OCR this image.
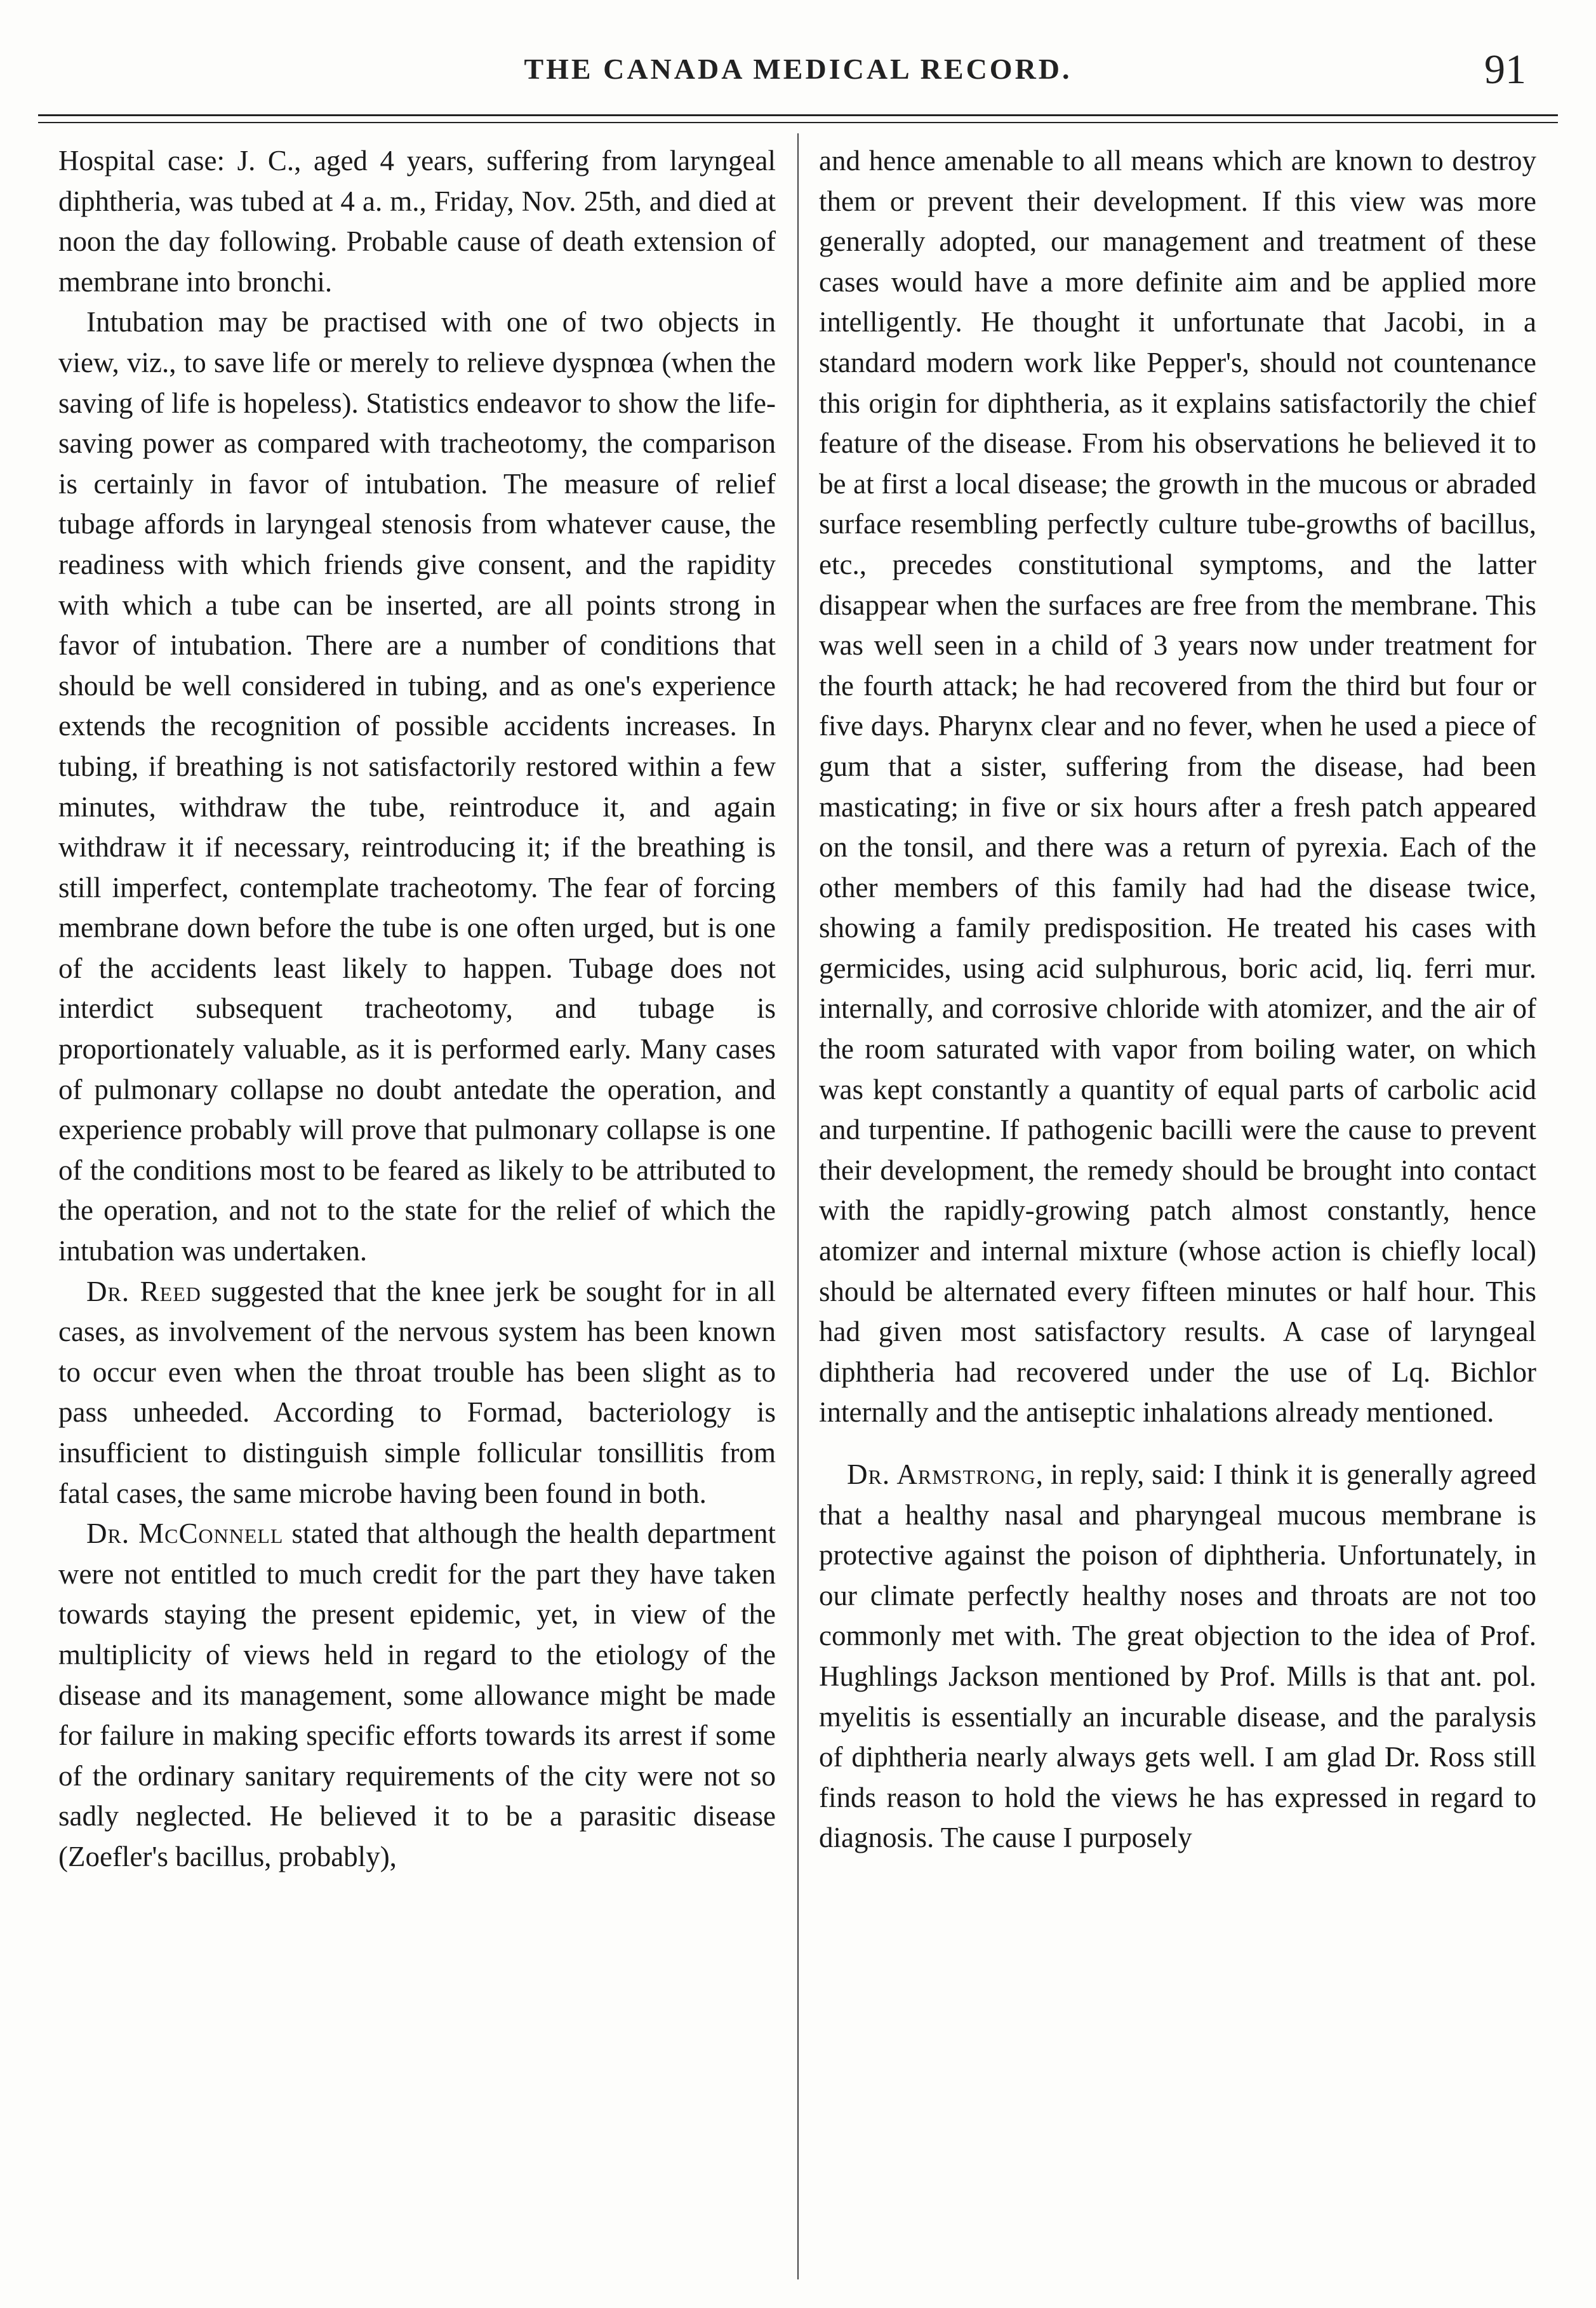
THE CANADA MEDICAL RECORD.	91

Hospital case: J. C., aged 4 years, suffering from laryngeal diphtheria, was tubed at 4 a. m., Friday, Nov. 25th, and died at noon the day following. Probable cause of death extension of membrane into bronchi.

Intubation may be practised with one of two objects in view, viz., to save life or merely to relieve dyspnœa (when the saving of life is hopeless). Statistics endeavor to show the life-saving power as compared with tracheotomy, the comparison is certainly in favor of intubation. The measure of relief tubage affords in laryngeal stenosis from whatever cause, the readiness with which friends give consent, and the rapidity with which a tube can be inserted, are all points strong in favor of intubation. There are a number of conditions that should be well considered in tubing, and as one's experience extends the recognition of possible accidents increases. In tubing, if breathing is not satisfactorily restored within a few minutes, withdraw the tube, reintroduce it, and again withdraw it if necessary, reintroducing it; if the breathing is still imperfect, contemplate tracheotomy. The fear of forcing membrane down before the tube is one often urged, but is one of the accidents least likely to happen. Tubage does not interdict subsequent tracheotomy, and tubage is proportionately valuable, as it is performed early. Many cases of pulmonary collapse no doubt antedate the operation, and experience probably will prove that pulmonary collapse is one of the conditions most to be feared as likely to be attributed to the operation, and not to the state for the relief of which the intubation was undertaken.

Dr. Reed suggested that the knee jerk be sought for in all cases, as involvement of the nervous system has been known to occur even when the throat trouble has been slight as to pass unheeded. According to Formad, bacteriology is insufficient to distinguish simple follicular tonsillitis from fatal cases, the same microbe having been found in both.

Dr. McConnell stated that although the health department were not entitled to much credit for the part they have taken towards staying the present epidemic, yet, in view of the multiplicity of views held in regard to the etiology of the disease and its management, some allowance might be made for failure in making specific efforts towards its arrest if some of the ordinary sanitary requirements of the city were not so sadly neglected. He believed it to be a parasitic disease (Zoefler's bacillus, probably),

and hence amenable to all means which are known to destroy them or prevent their development. If this view was more generally adopted, our management and treatment of these cases would have a more definite aim and be applied more intelligently. He thought it unfortunate that Jacobi, in a standard modern work like Pepper's, should not countenance this origin for diphtheria, as it explains satisfactorily the chief feature of the disease. From his observations he believed it to be at first a local disease; the growth in the mucous or abraded surface resembling perfectly culture tube-growths of bacillus, etc., precedes constitutional symptoms, and the latter disappear when the surfaces are free from the membrane. This was well seen in a child of 3 years now under treatment for the fourth attack; he had recovered from the third but four or five days. Pharynx clear and no fever, when he used a piece of gum that a sister, suffering from the disease, had been masticating; in five or six hours after a fresh patch appeared on the tonsil, and there was a return of pyrexia. Each of the other members of this family had had the disease twice, showing a family predisposition. He treated his cases with germicides, using acid sulphurous, boric acid, liq. ferri mur. internally, and corrosive chloride with atomizer, and the air of the room saturated with vapor from boiling water, on which was kept constantly a quantity of equal parts of carbolic acid and turpentine. If pathogenic bacilli were the cause to prevent their development, the remedy should be brought into contact with the rapidly-growing patch almost constantly, hence atomizer and internal mixture (whose action is chiefly local) should be alternated every fifteen minutes or half hour. This had given most satisfactory results. A case of laryngeal diphtheria had recovered under the use of Lq. Bichlor internally and the antiseptic inhalations already mentioned.

Dr. Armstrong, in reply, said: I think it is generally agreed that a healthy nasal and pharyngeal mucous membrane is protective against the poison of diphtheria. Unfortunately, in our climate perfectly healthy noses and throats are not too commonly met with. The great objection to the idea of Prof. Hughlings Jackson mentioned by Prof. Mills is that ant. pol. myelitis is essentially an incurable disease, and the paralysis of diphtheria nearly always gets well. I am glad Dr. Ross still finds reason to hold the views he has expressed in regard to diagnosis. The cause I purposely
